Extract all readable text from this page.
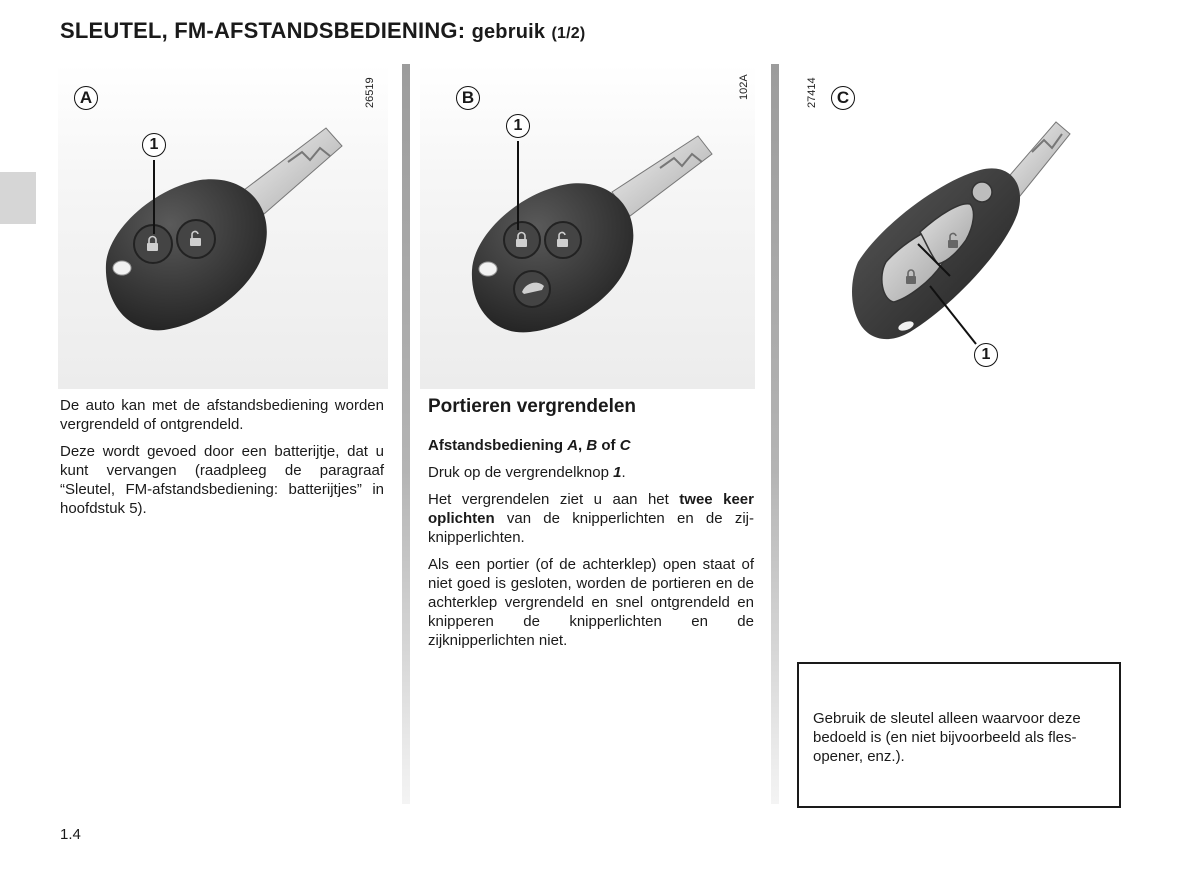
SLEUTEL, FM-AFSTANDSBEDIENING: gebruik (1/2)
A
1
26519	B
1
102A	C
1
27414

De auto kan met de afstandsbediening worden vergrendeld of ontgrendeld.

Deze wordt gevoed door een batterijtje, dat u kunt vervangen (raadpleeg de paragraaf “Sleutel, FM-afstandsbediening: batterijtjes” in hoofdstuk 5).

Portieren vergrendelen

Afstandsbediening A, B of C

Druk op de vergrendelknop 1.

Het vergrendelen ziet u aan het twee keer oplichten van de knipperlichten en de zijknipperlichten.

Als een portier (of de achterklep) open staat of niet goed is gesloten, worden de portieren en de achterklep vergrendeld en snel ontgrendeld en knipperen de knipperlichten en de zijknipperlichten niet.

Gebruik de sleutel alleen waarvoor deze bedoeld is (en niet bijvoorbeeld als flesopener, enz.).

1.4
